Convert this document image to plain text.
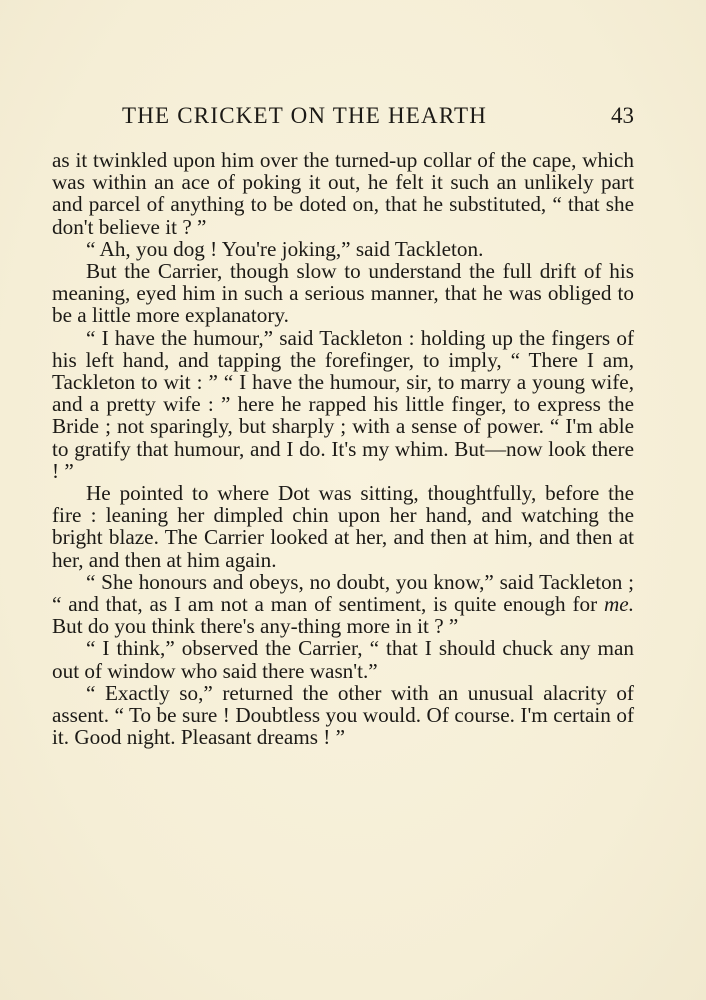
THE CRICKET ON THE HEARTH	43

as it twinkled upon him over the turned-up collar of the cape, which was within an ace of poking it out, he felt it such an unlikely part and parcel of anything to be doted on, that he substituted, “ that she don't believe it ? ”

“ Ah, you dog ! You're joking,” said Tackleton.

But the Carrier, though slow to understand the full drift of his meaning, eyed him in such a serious manner, that he was obliged to be a little more explanatory.

“ I have the humour,” said Tackleton : holding up the fingers of his left hand, and tapping the forefinger, to imply, “ There I am, Tackleton to wit : ” “ I have the humour, sir, to marry a young wife, and a pretty wife : ” here he rapped his little finger, to express the Bride ; not sparingly, but sharply ; with a sense of power. “ I'm able to gratify that humour, and I do. It's my whim. But—now look there ! ”

He pointed to where Dot was sitting, thoughtfully, before the fire : leaning her dimpled chin upon her hand, and watching the bright blaze. The Carrier looked at her, and then at him, and then at her, and then at him again.

“ She honours and obeys, no doubt, you know,” said Tackleton ; “ and that, as I am not a man of sentiment, is quite enough for me. But do you think there's any-thing more in it ? ”

“ I think,” observed the Carrier, “ that I should chuck any man out of window who said there wasn't.”

“ Exactly so,” returned the other with an unusual alacrity of assent. “ To be sure ! Doubtless you would. Of course. I'm certain of it. Good night. Pleasant dreams ! ”
